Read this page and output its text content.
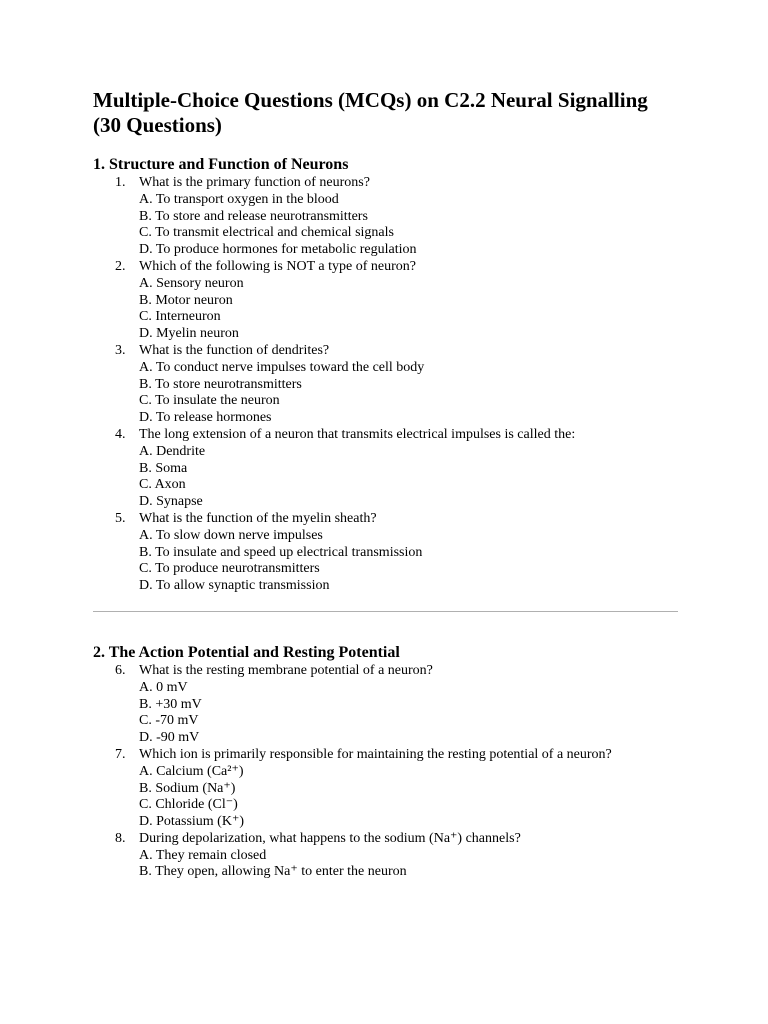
Multiple-Choice Questions (MCQs) on C2.2 Neural Signalling (30 Questions)
1. Structure and Function of Neurons
1. What is the primary function of neurons?
A. To transport oxygen in the blood
B. To store and release neurotransmitters
C. To transmit electrical and chemical signals
D. To produce hormones for metabolic regulation
2. Which of the following is NOT a type of neuron?
A. Sensory neuron
B. Motor neuron
C. Interneuron
D. Myelin neuron
3. What is the function of dendrites?
A. To conduct nerve impulses toward the cell body
B. To store neurotransmitters
C. To insulate the neuron
D. To release hormones
4. The long extension of a neuron that transmits electrical impulses is called the:
A. Dendrite
B. Soma
C. Axon
D. Synapse
5. What is the function of the myelin sheath?
A. To slow down nerve impulses
B. To insulate and speed up electrical transmission
C. To produce neurotransmitters
D. To allow synaptic transmission
2. The Action Potential and Resting Potential
6. What is the resting membrane potential of a neuron?
A. 0 mV
B. +30 mV
C. -70 mV
D. -90 mV
7. Which ion is primarily responsible for maintaining the resting potential of a neuron?
A. Calcium (Ca²⁺)
B. Sodium (Na⁺)
C. Chloride (Cl⁻)
D. Potassium (K⁺)
8. During depolarization, what happens to the sodium (Na⁺) channels?
A. They remain closed
B. They open, allowing Na⁺ to enter the neuron
